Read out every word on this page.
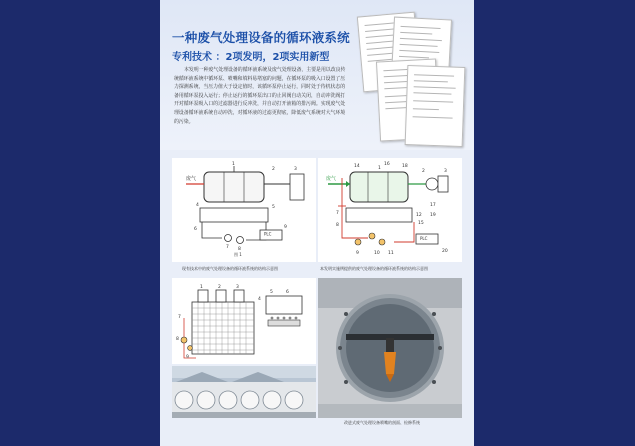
一种废气处理设备的循环液系统
专利技术 ：2项发明，2项实用新型
本发明一种废气处理设备的循环液系统及废气处理设备，主要是用以改良传统循环液系统中循环泵、喷嘴和填料易堵塞的问题，在循环泵的吸入口设置了压力探测系统，当压力值大于设定值时，该循环泵停止运行，同时处于待机状态的备用循环泵投入运行；停止运行的循环泵出口的止回阀自动关闭，自动冲洗阀打开对循环泵吸入口的过滤器进行反冲洗，并自动打开液箱的排污阀。实现废气处理设备循环液系统自动冲洗，对循环液的过滤更彻底，降低废气系统对大气环境的污染。
废气
PLC
图 1
1
2	3
4	5
6
7 8
9
现有技术中的废气处理设备的循环液系统的结构示意图
废气
PLC
14	16	18
1
2	3
7
8
9	10 11
12
15
17
19
20
本发明实施例提供的废气处理设备的循环液系统的结构示意图
1	2	3
4
5	6
7
8
9
改进式废气处理设备喷嘴的剖面、检修系统
